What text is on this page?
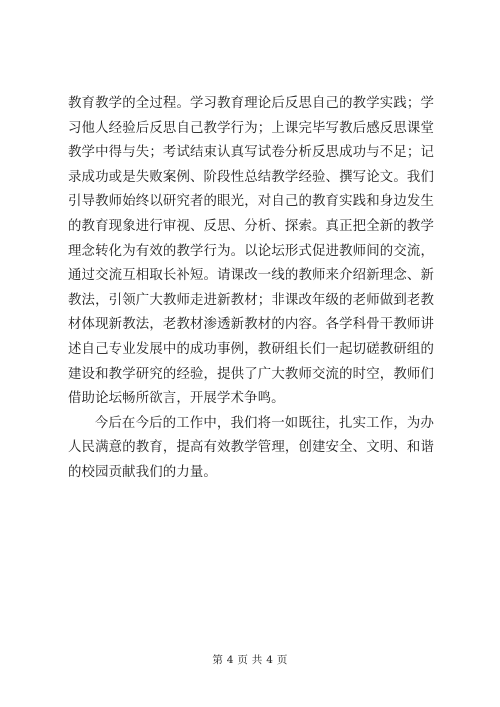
教育教学的全过程。学习教育理论后反思自己的教学实践；学习他人经验后反思自己教学行为；上课完毕写教后感反思课堂教学中得与失；考试结束认真写试卷分析反思成功与不足；记录成功或是失败案例、阶段性总结教学经验、撰写论文。我们引导教师始终以研究者的眼光，对自己的教育实践和身边发生的教育现象进行审视、反思、分析、探索。真正把全新的教学理念转化为有效的教学行为。以论坛形式促进教师间的交流，通过交流互相取长补短。请课改一线的教师来介绍新理念、新教法，引领广大教师走进新教材；非课改年级的老师做到老教材体现新教法，老教材渗透新教材的内容。各学科骨干教师讲述自己专业发展中的成功事例，教研组长们一起切磋教研组的建设和教学研究的经验，提供了广大教师交流的时空，教师们借助论坛畅所欲言，开展学术争鸣。

今后在今后的工作中，我们将一如既往，扎实工作，为办人民满意的教育，提高有效教学管理，创建安全、文明、和谐的校园贡献我们的力量。

第 4 页 共 4 页
